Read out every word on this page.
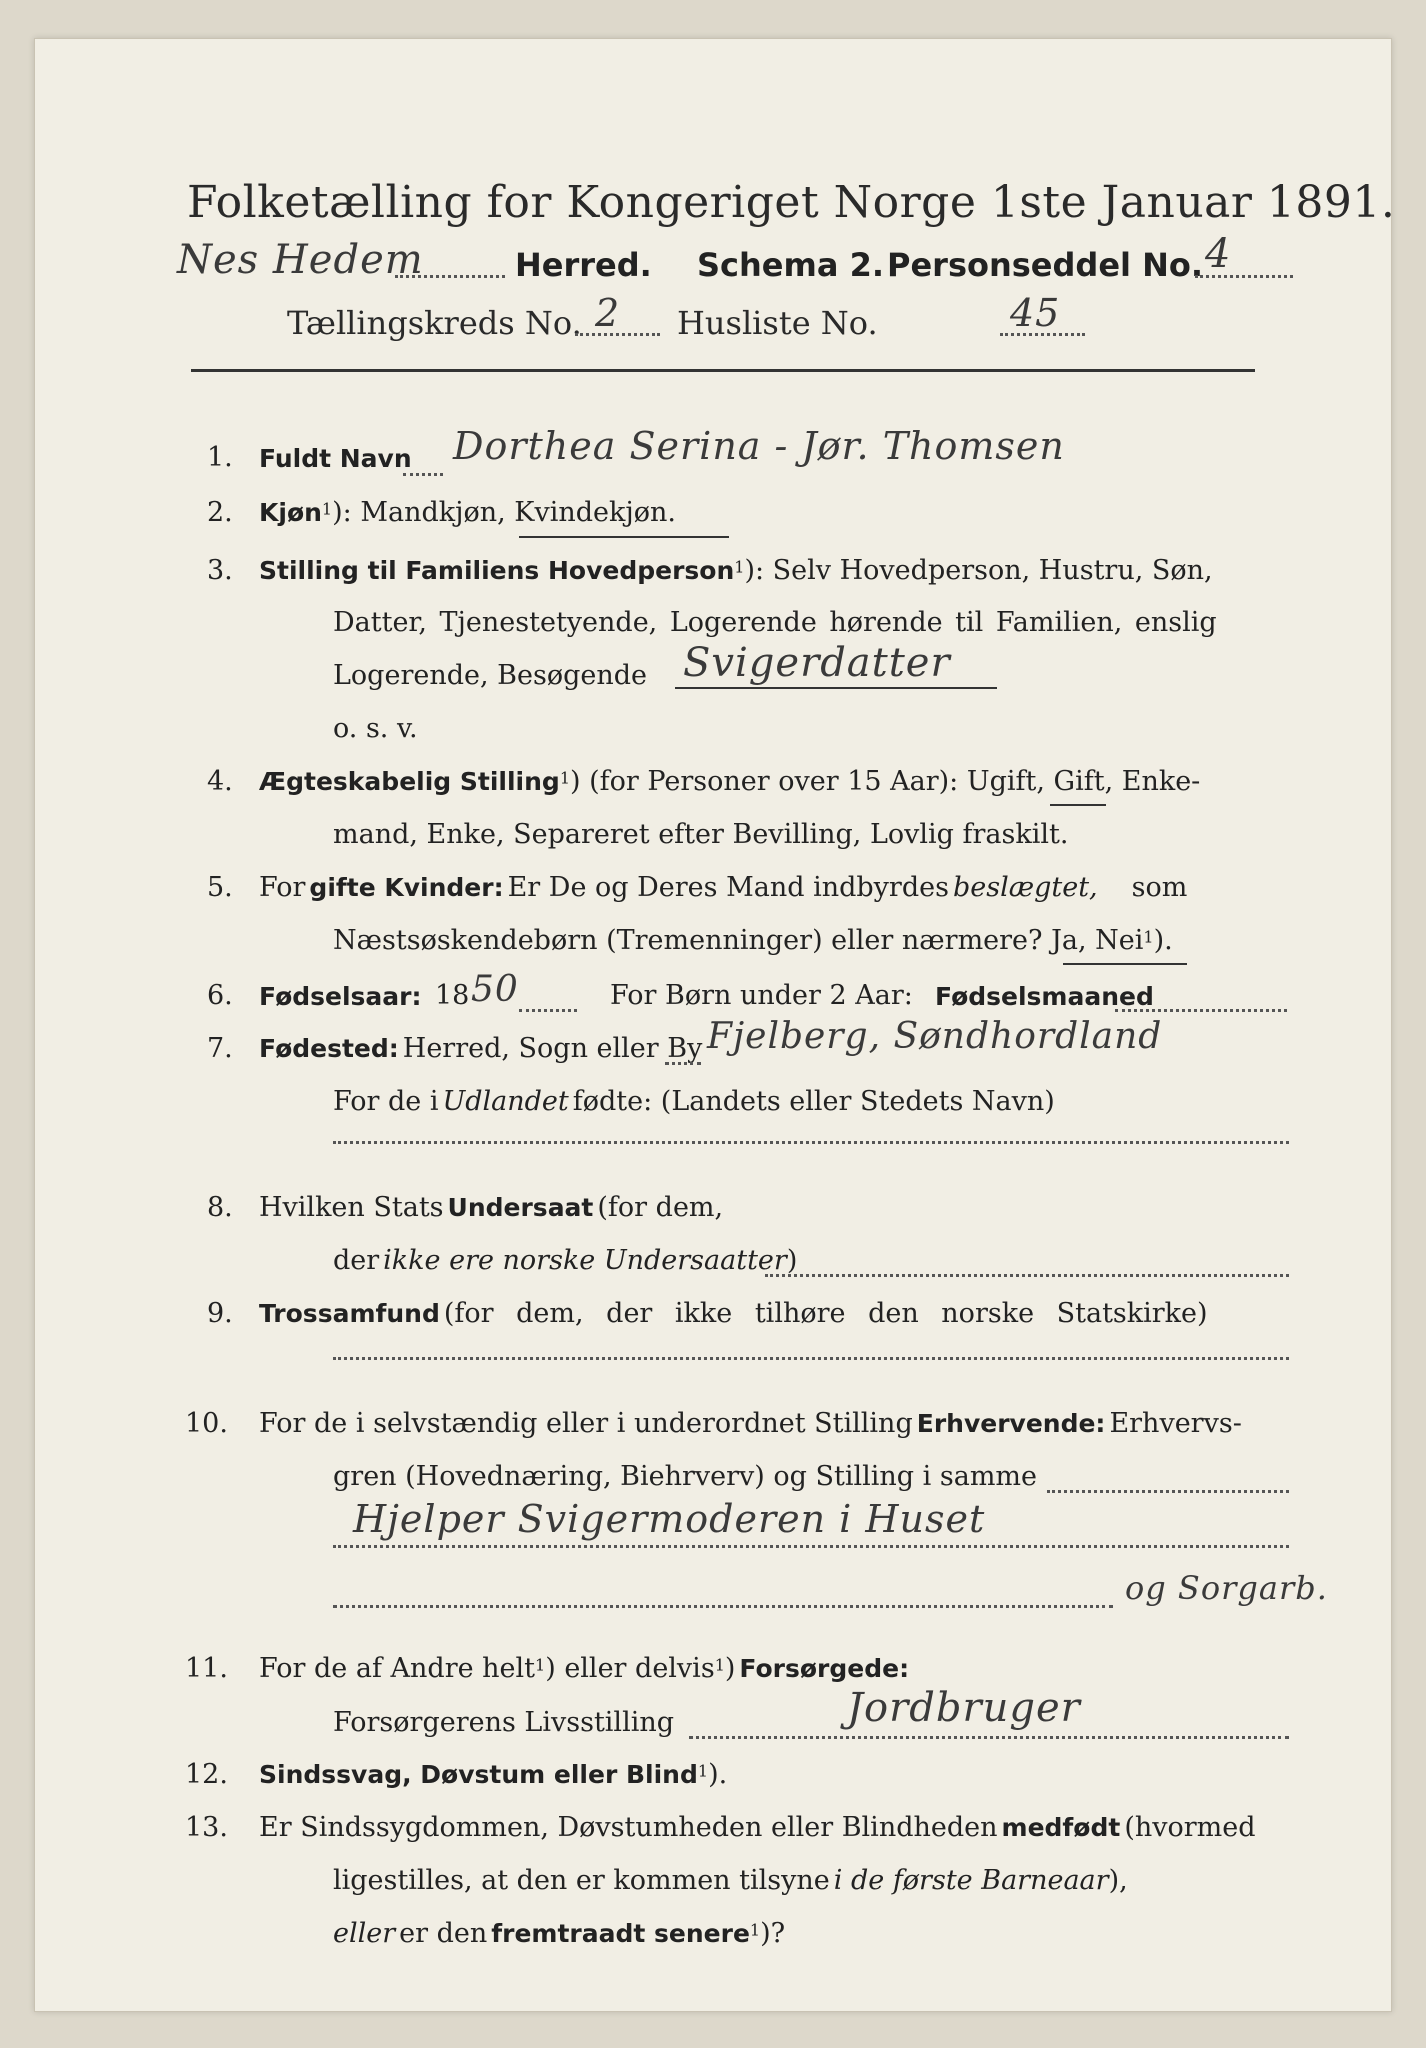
Folketælling for Kongeriget Norge 1ste Januar 1891.
Nes Hedem	Herred. Schema 2. Personseddel No. 4
Tællingskreds No. 2 Husliste No.	45
1. Fuldt Navn Dorthea Serina - Jør. Thomsen
2. Kjøn$^1$): Mandkjøn, Kvindekjøn.
3. Stilling til Familiens Hovedperson$^1$): Selv Hovedperson, Hustru, Søn,
Datter, Tjenestetyende, Logerende hørende til Familien, enslig
Logerende, Besøgende Svigerdatter
o. s. v.
4. Ægteskabelig Stilling$^1$) (for Personer over 15 Aar): Ugift, Gift, Enke-
mand, Enke, Separeret efter Bevilling, Lovlig fraskilt.
5. For gifte Kvinder: Er De og Deres Mand indbyrdes beslægtet, som
Næstsøskendebørn (Tremenninger) eller nærmere? Ja, Nei$^1$).
6. Fødselsaar: 18 50	For Børn under 2 Aar: Fødselsmaaned
7. Fødested: Herred, Sogn eller By Fjelberg, Søndhordland
For de i Udlandet fødte: (Landets eller Stedets Navn)
8. Hvilken Stats Undersaat (for dem,
der ikke ere norske Undersaatter)
9. Trossamfund (for dem, der ikke tilhøre den norske Statskirke)
10. For de i selvstændig eller i underordnet Stilling Erhvervende: Erhvervs-
gren (Hovednæring, Biehrverv) og Stilling i samme
Hjelper Svigermoderen i Huset
og Sorgarb.
11. For de af Andre helt$^1$) eller delvis$^1$) Forsørgede:
Forsørgerens Livsstilling	Jordbruger
12. Sindssvag, Døvstum eller Blind$^1$).
13. Er Sindssygdommen, Døvstumheden eller Blindheden medfødt (hvormed
ligestilles, at den er kommen tilsyne i de første Barneaar),
eller er den fremtraadt senere$^1$)?
